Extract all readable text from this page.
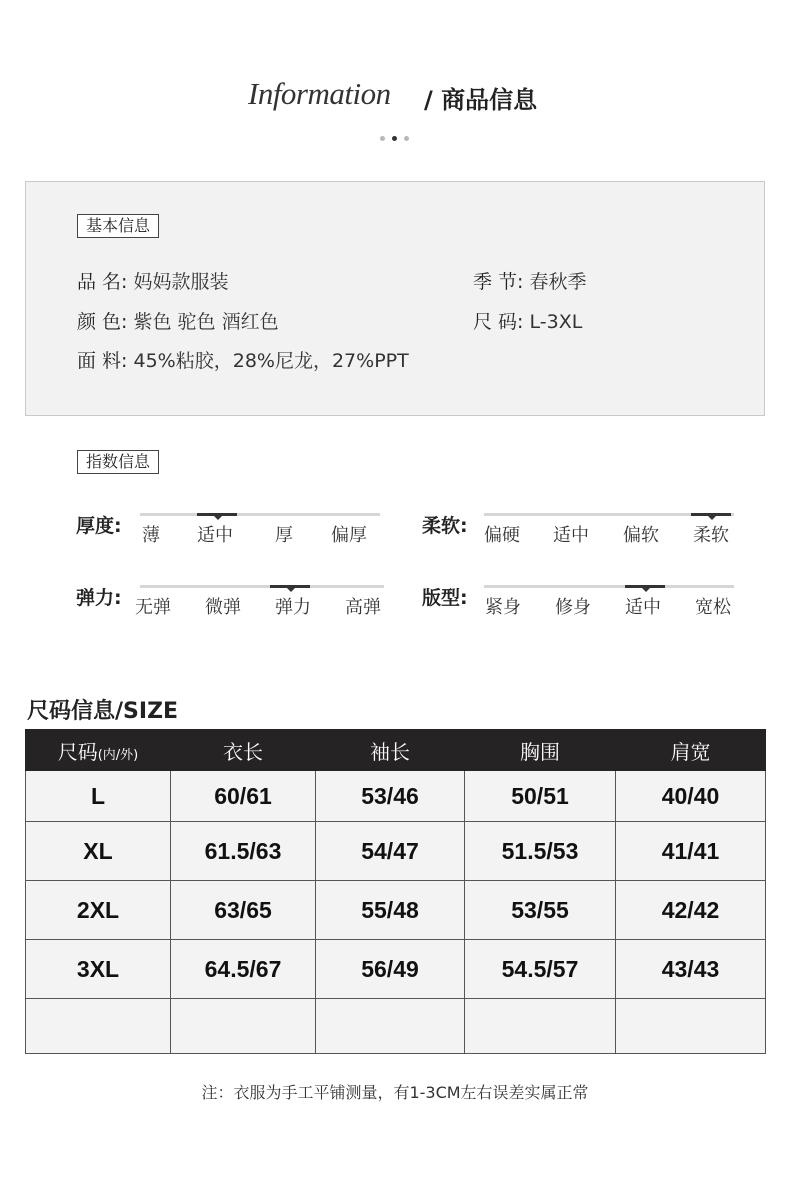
Information / 商品信息
基本信息
品 名: 妈妈款服装	季 节: 春秋季
颜 色: 紫色 驼色 酒红色	尺 码: L-3XL
面 料: 45%粘胶，28%尼龙，27%PPT
指数信息
厚度: 薄 适中 厚 偏厚	柔软: 偏硬 适中 偏软 柔软
弹力: 无弹 微弹 弹力 高弹 版型: 紧身 修身 适中 宽松
尺码信息/SIZE
尺码(内/外)	衣长	袖长	胸围	肩宽
L	60/61	53/46	50/51	40/40
XL	61.5/63	54/47	51.5/53	41/41
2XL	63/65	55/48	53/55	42/42
3XL	64.5/67	56/49	54.5/57	43/43

注：衣服为手工平铺测量，有1-3CM左右误差实属正常
